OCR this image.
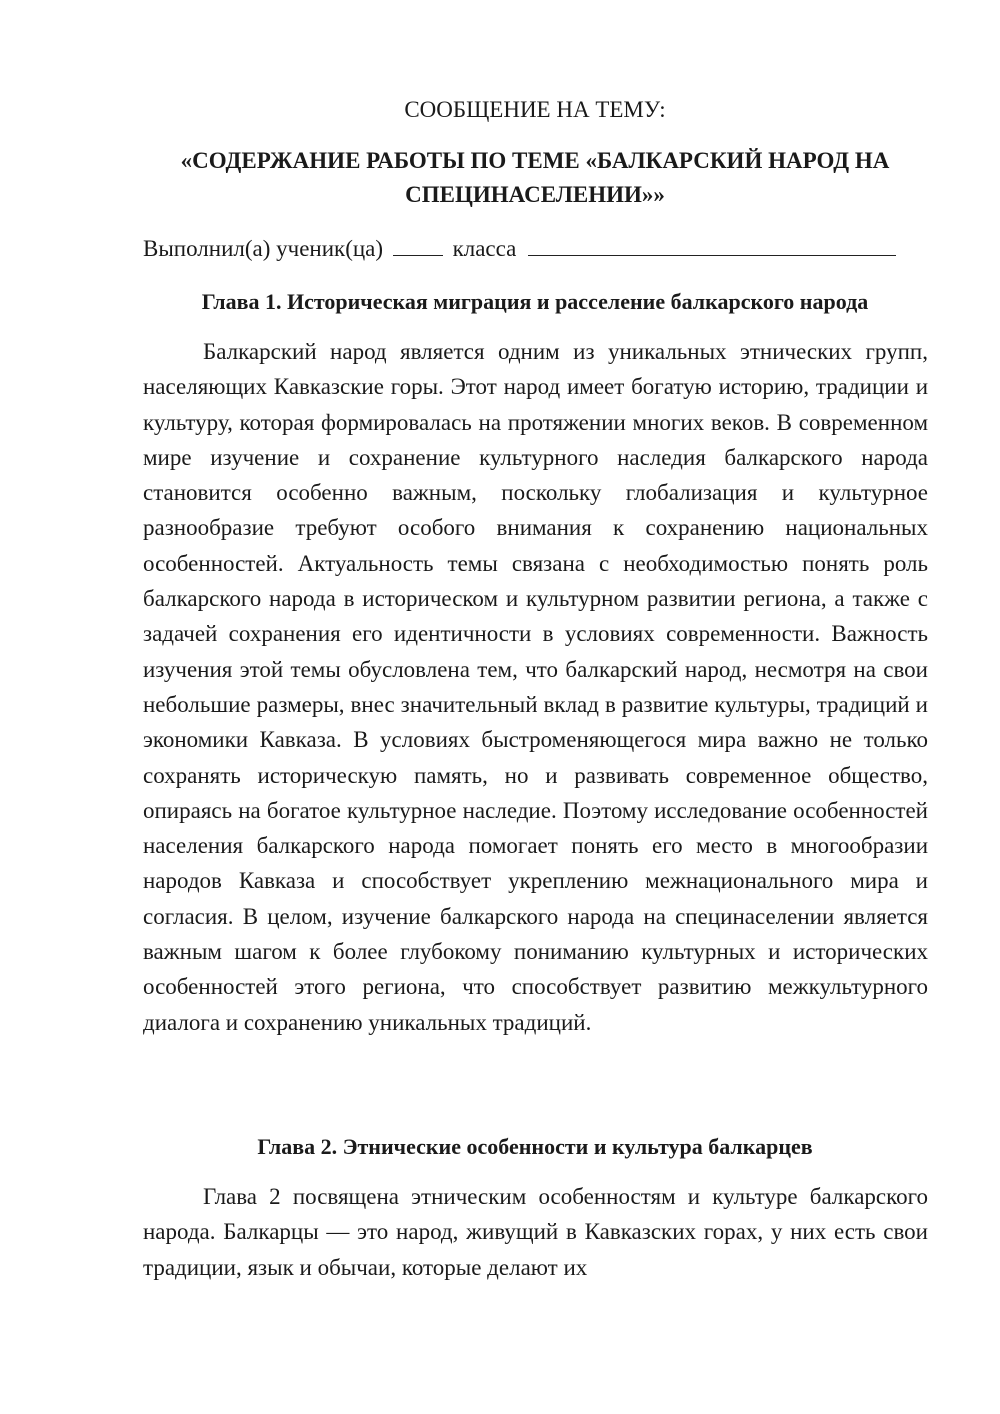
СООБЩЕНИЕ НА ТЕМУ:

«СОДЕРЖАНИЕ РАБОТЫ ПО ТЕМЕ «БАЛКАРСКИЙ НАРОД НА

СПЕЦИНАСЕЛЕНИИ»»

Выполнил(а) ученик(ца)	класса
Глава 1. Историческая миграция и расселение балкарского народа

Балкарский народ является одним из уникальных этнических групп, населяющих Кавказские горы. Этот народ имеет богатую историю, традиции и культуру, которая формировалась на протяжении многих веков. В современном мире изучение и сохранение культурного наследия балкарского народа становится особенно важным, поскольку глобализация и культурное разнообразие требуют особого внимания к сохранению национальных особенностей. Актуальность темы связана с необходимостью понять роль балкарского народа в историческом и культурном развитии региона, а также с задачей сохранения его идентичности в условиях современности. Важность изучения этой темы обусловлена тем, что балкарский народ, несмотря на свои небольшие размеры, внес значительный вклад в развитие культуры, традиций и экономики Кавказа. В условиях быстроменяющегося мира важно не только сохранять историческую память, но и развивать современное общество, опираясь на богатое культурное наследие. Поэтому исследование особенностей населения балкарского народа помогает понять его место в многообразии народов Кавказа и способствует укреплению межнационального мира и согласия. В целом, изучение балкарского народа на специнаселении является важным шагом к более глубокому пониманию культурных и исторических особенностей этого региона, что способствует развитию межкультурного диалога и сохранению уникальных традиций.

Глава 2. Этнические особенности и культура балкарцев

Глава 2 посвящена этническим особенностям и культуре балкарского народа. Балкарцы — это народ, живущий в Кавказских горах, у них есть свои традиции, язык и обычаи, которые делают их
